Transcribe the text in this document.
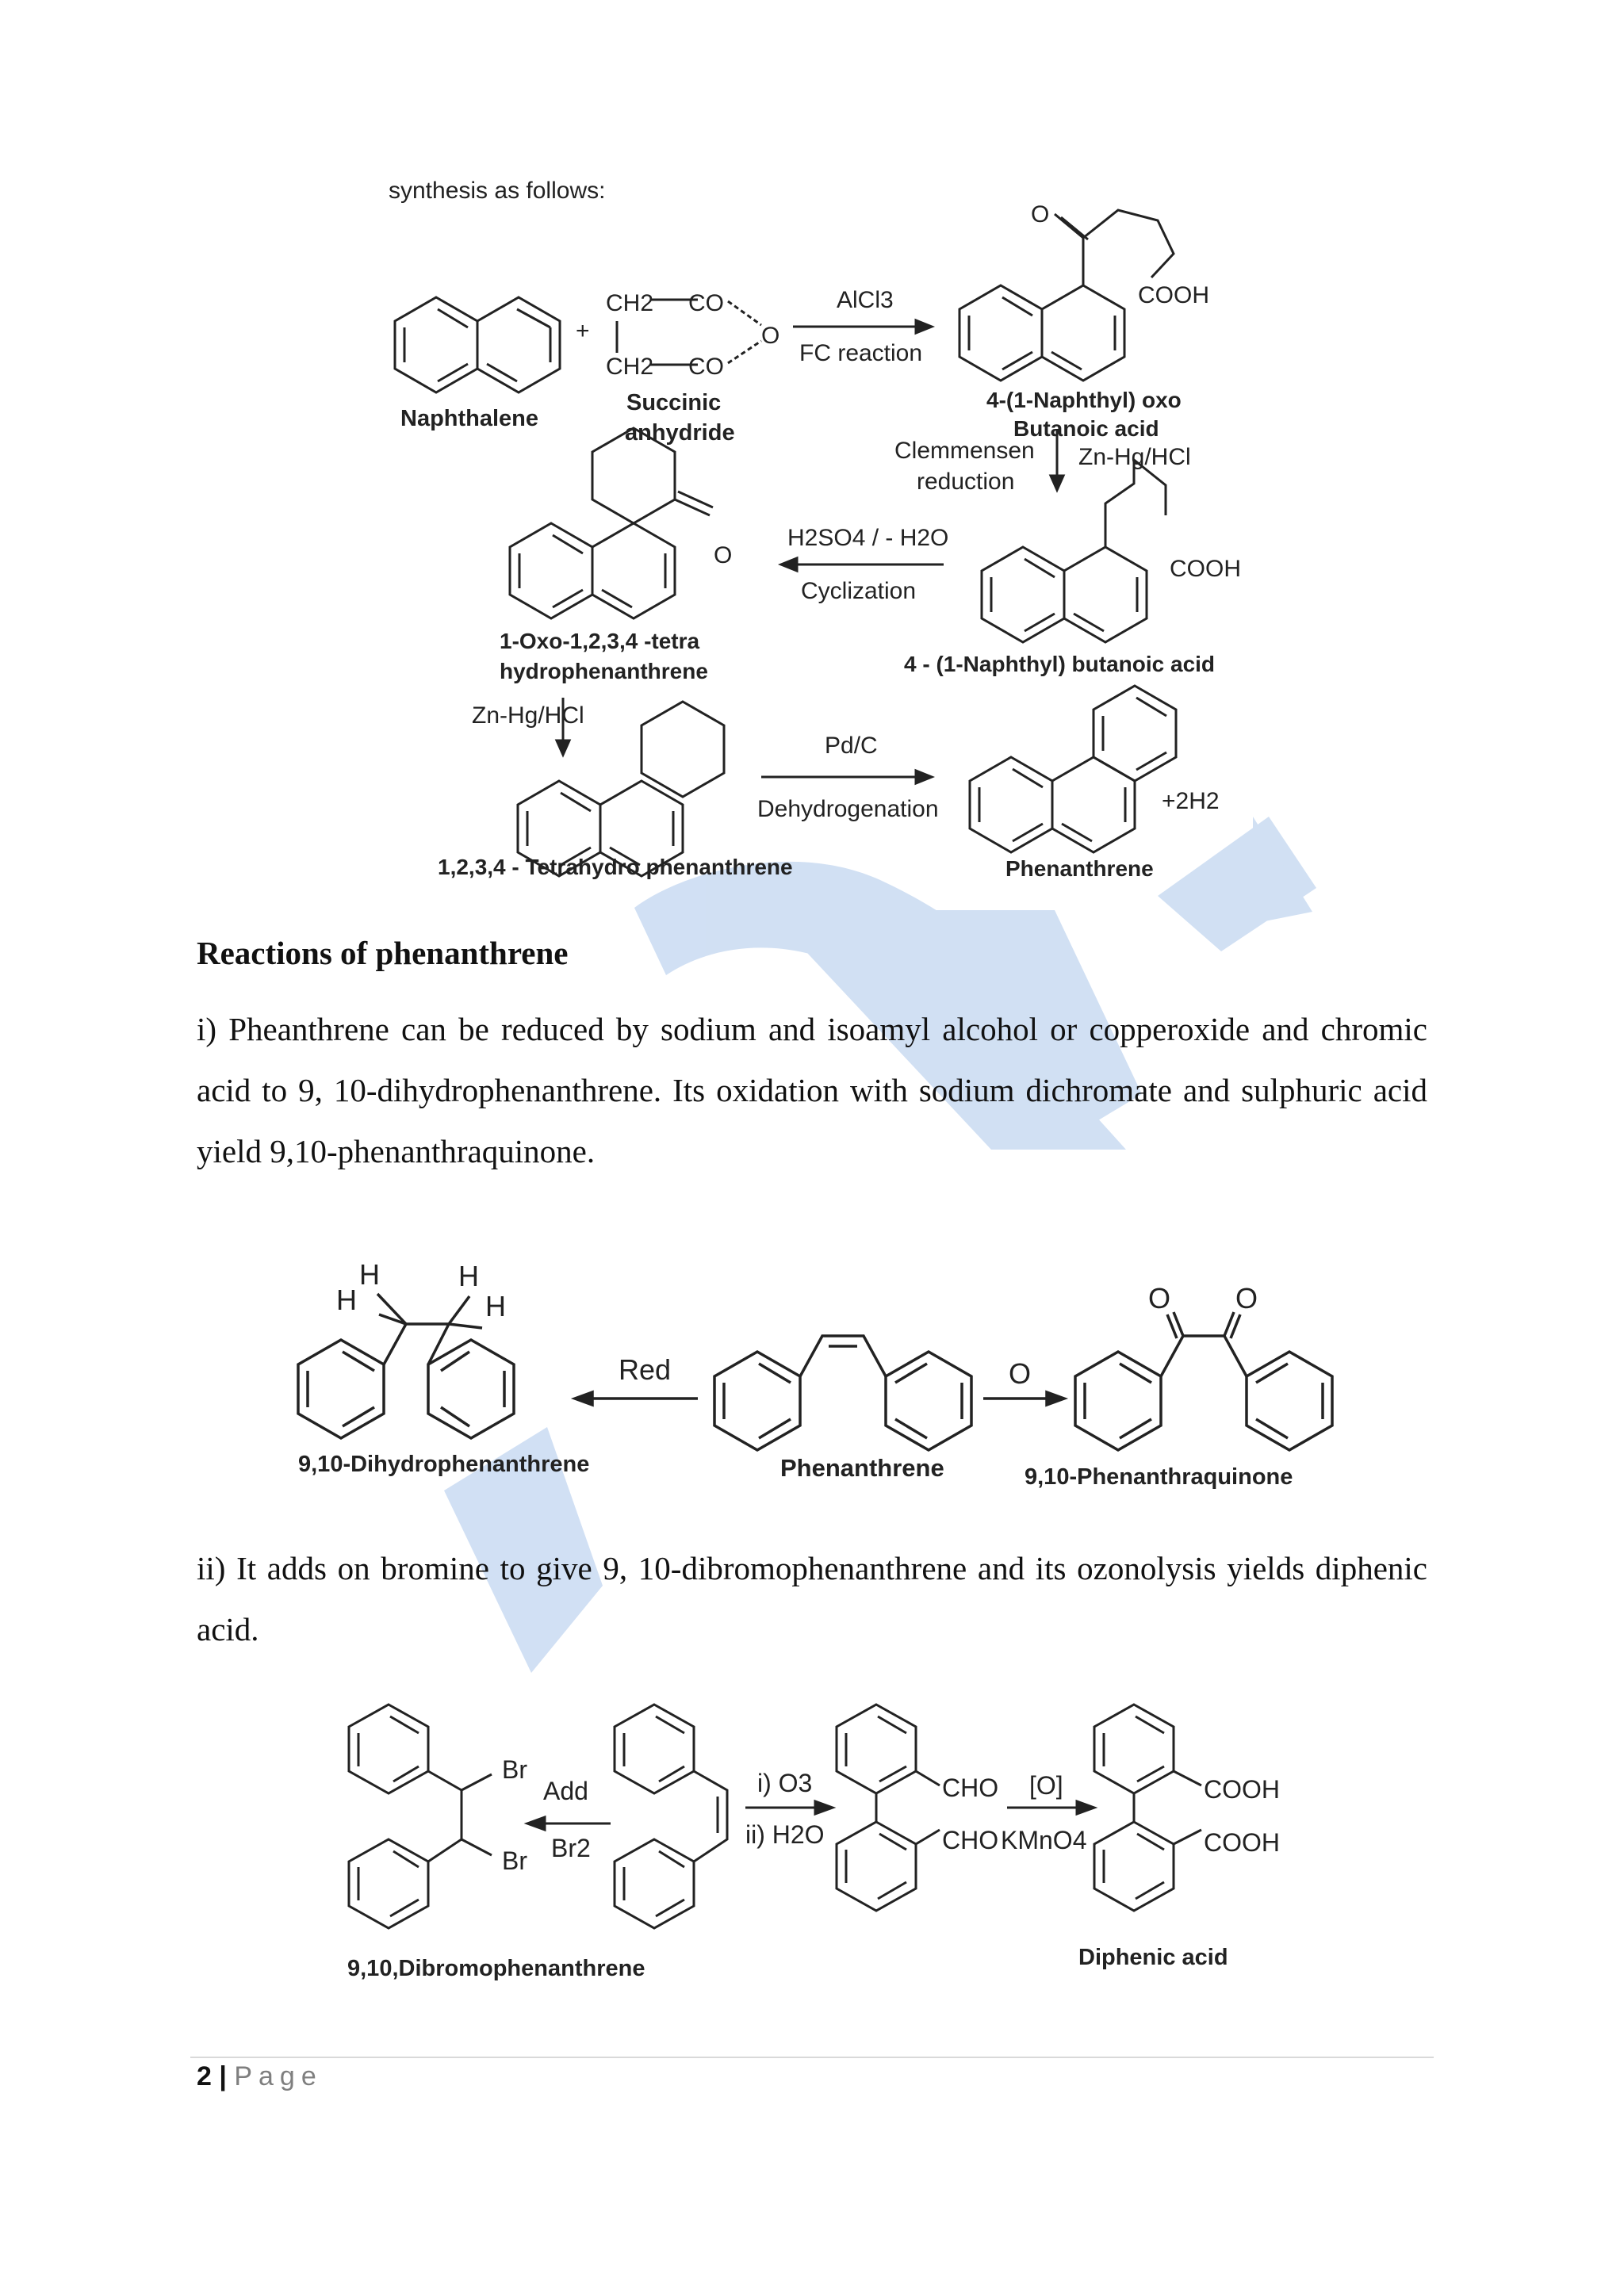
synthesis as follows:
Naphthalene
+
CH2 CO
O
CH2 CO
Succinic
anhydride
AlCl3
FC reaction
O
COOH
4-(1-Naphthyl) oxo
Butanoic acid
Clemmensen
reduction
Zn-Hg/HCl
COOH
4 - (1-Naphthyl) butanoic acid
H2SO4 / - H2O
Cyclization
O
1-Oxo-1,2,3,4 -tetra
hydrophenanthrene
Zn-Hg/HCl
Pd/C
Dehydrogenation	+2H2
1,2,3,4 - Tetrahydro phenanthrene	Phenanthrene
Reactions of phenanthrene

i) Pheanthrene can be reduced by sodium and isoamyl alcohol or copperoxide and chromic acid to 9, 10-dihydrophenanthrene. Its oxidation with sodium dichromate and sulphuric acid yield 9,10-phenanthraquinone.

H
H
H
H
Red	O
O O
9,10-Dihydrophenanthrene	Phenanthrene	9,10-Phenanthraquinone

ii) It adds on bromine to give 9, 10-dibromophenanthrene and its ozonolysis yields diphenic acid.

Br
Br
Add
Br2
i) O3
ii) H2O
CHO
CHO
[O]
KMnO4
COOH
COOH
9,10,Dibromophenanthrene	Diphenic acid
2 | Page
